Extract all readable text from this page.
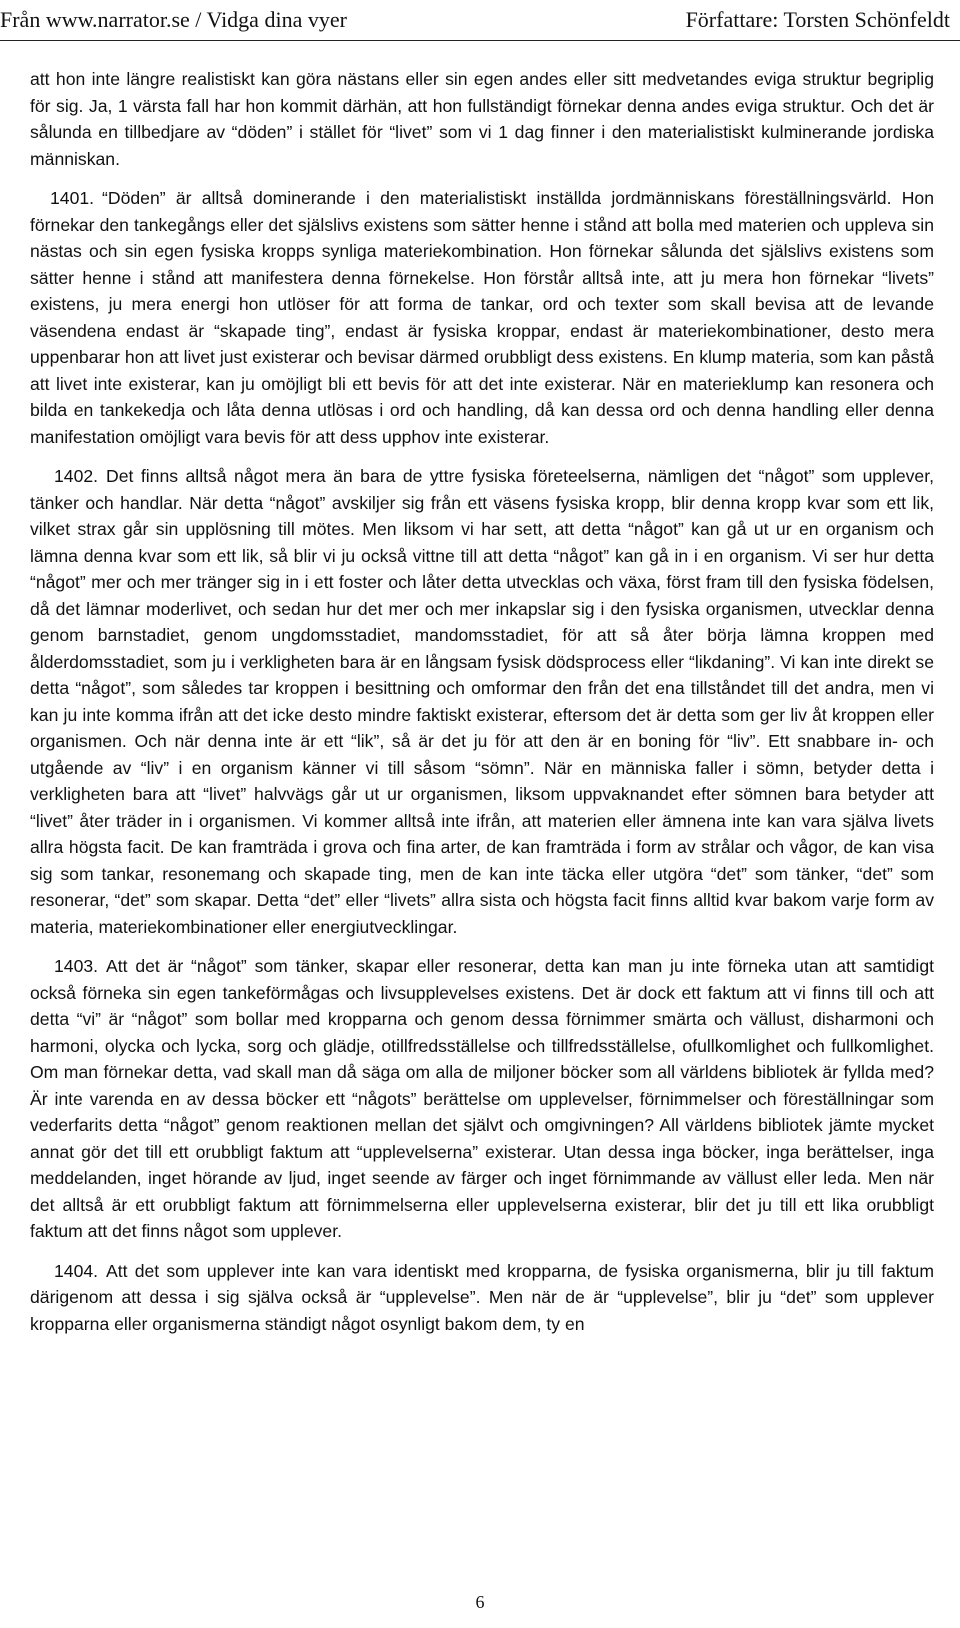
Från www.narrator.se / Vidga dina vyer	Författare: Torsten Schönfeldt

att hon inte längre realistiskt kan göra nästans eller sin egen andes eller sitt medvetandes eviga struktur begriplig för sig. Ja, 1 värsta fall har hon kommit därhän, att hon fullständigt förnekar denna andes eviga struktur. Och det är sålunda en tillbedjare av “döden” i stället för “livet” som vi 1 dag finner i den materialistiskt kulminerande jordiska människan.

1401. “Döden” är alltså dominerande i den materialistiskt inställda jordmänniskans föreställningsvärld. Hon förnekar den tankegångs eller det själslivs existens som sätter henne i stånd att bolla med materien och uppleva sin nästas och sin egen fysiska kropps synliga materiekombination. Hon förnekar sålunda det själslivs existens som sätter henne i stånd att manifestera denna förnekelse. Hon förstår alltså inte, att ju mera hon förnekar “livets” existens, ju mera energi hon utlöser för att forma de tankar, ord och texter som skall bevisa att de levande väsendena endast är “skapade ting”, endast är fysiska kroppar, endast är materiekombinationer, desto mera uppenbarar hon att livet just existerar och bevisar därmed orubbligt dess existens. En klump materia, som kan påstå att livet inte existerar, kan ju omöjligt bli ett bevis för att det inte existerar. När en materieklump kan resonera och bilda en tankekedja och låta denna utlösas i ord och handling, då kan dessa ord och denna handling eller denna manifestation omöjligt vara bevis för att dess upphov inte existerar.

1402. Det finns alltså något mera än bara de yttre fysiska företeelserna, nämligen det “något” som upplever, tänker och handlar. När detta “något” avskiljer sig från ett väsens fysiska kropp, blir denna kropp kvar som ett lik, vilket strax går sin upplösning till mötes. Men liksom vi har sett, att detta “något” kan gå ut ur en organism och lämna denna kvar som ett lik, så blir vi ju också vittne till att detta “något” kan gå in i en organism. Vi ser hur detta “något” mer och mer tränger sig in i ett foster och låter detta utvecklas och växa, först fram till den fysiska födelsen, då det lämnar moderlivet, och sedan hur det mer och mer inkapslar sig i den fysiska organismen, utvecklar denna genom barnstadiet, genom ungdomsstadiet, mandomsstadiet, för att så åter börja lämna kroppen med ålderdomsstadiet, som ju i verkligheten bara är en långsam fysisk dödsprocess eller “likdaning”. Vi kan inte direkt se detta “något”, som således tar kroppen i besittning och omformar den från det ena tillståndet till det andra, men vi kan ju inte komma ifrån att det icke desto mindre faktiskt existerar, eftersom det är detta som ger liv åt kroppen eller organismen. Och när denna inte är ett “lik”, så är det ju för att den är en boning för “liv”. Ett snabbare in- och utgående av “liv” i en organism känner vi till såsom “sömn”. När en människa faller i sömn, betyder detta i verkligheten bara att “livet” halvvägs går ut ur organismen, liksom uppvaknandet efter sömnen bara betyder att “livet” åter träder in i organismen. Vi kommer alltså inte ifrån, att materien eller ämnena inte kan vara själva livets allra högsta facit. De kan framträda i grova och fina arter, de kan framträda i form av strålar och vågor, de kan visa sig som tankar, resonemang och skapade ting, men de kan inte täcka eller utgöra “det” som tänker, “det” som resonerar, “det” som skapar. Detta “det” eller “livets” allra sista och högsta facit finns alltid kvar bakom varje form av materia, materiekombinationer eller energiutvecklingar.

1403. Att det är “något” som tänker, skapar eller resonerar, detta kan man ju inte förneka utan att samtidigt också förneka sin egen tankeförmågas och livsupplevelses existens. Det är dock ett faktum att vi finns till och att detta “vi” är “något” som bollar med kropparna och genom dessa förnimmer smärta och vällust, disharmoni och harmoni, olycka och lycka, sorg och glädje, otillfredsställelse och tillfredsställelse, ofullkomlighet och fullkomlighet. Om man förnekar detta, vad skall man då säga om alla de miljoner böcker som all världens bibliotek är fyllda med? Är inte varenda en av dessa böcker ett “någots” berättelse om upplevelser, förnimmelser och föreställningar som vederfarits detta “något” genom reaktionen mellan det självt och omgivningen? All världens bibliotek jämte mycket annat gör det till ett orubbligt faktum att “upplevelserna” existerar. Utan dessa inga böcker, inga berättelser, inga meddelanden, inget hörande av ljud, inget seende av färger och inget förnimmande av vällust eller leda. Men när det alltså är ett orubbligt faktum att förnimmelserna eller upplevelserna existerar, blir det ju till ett lika orubbligt faktum att det finns något som upplever.

1404. Att det som upplever inte kan vara identiskt med kropparna, de fysiska organismerna, blir ju till faktum därigenom att dessa i sig själva också är “upplevelse”. Men när de är “upplevelse”, blir ju “det” som upplever kropparna eller organismerna ständigt något osynligt bakom dem, ty en

6
